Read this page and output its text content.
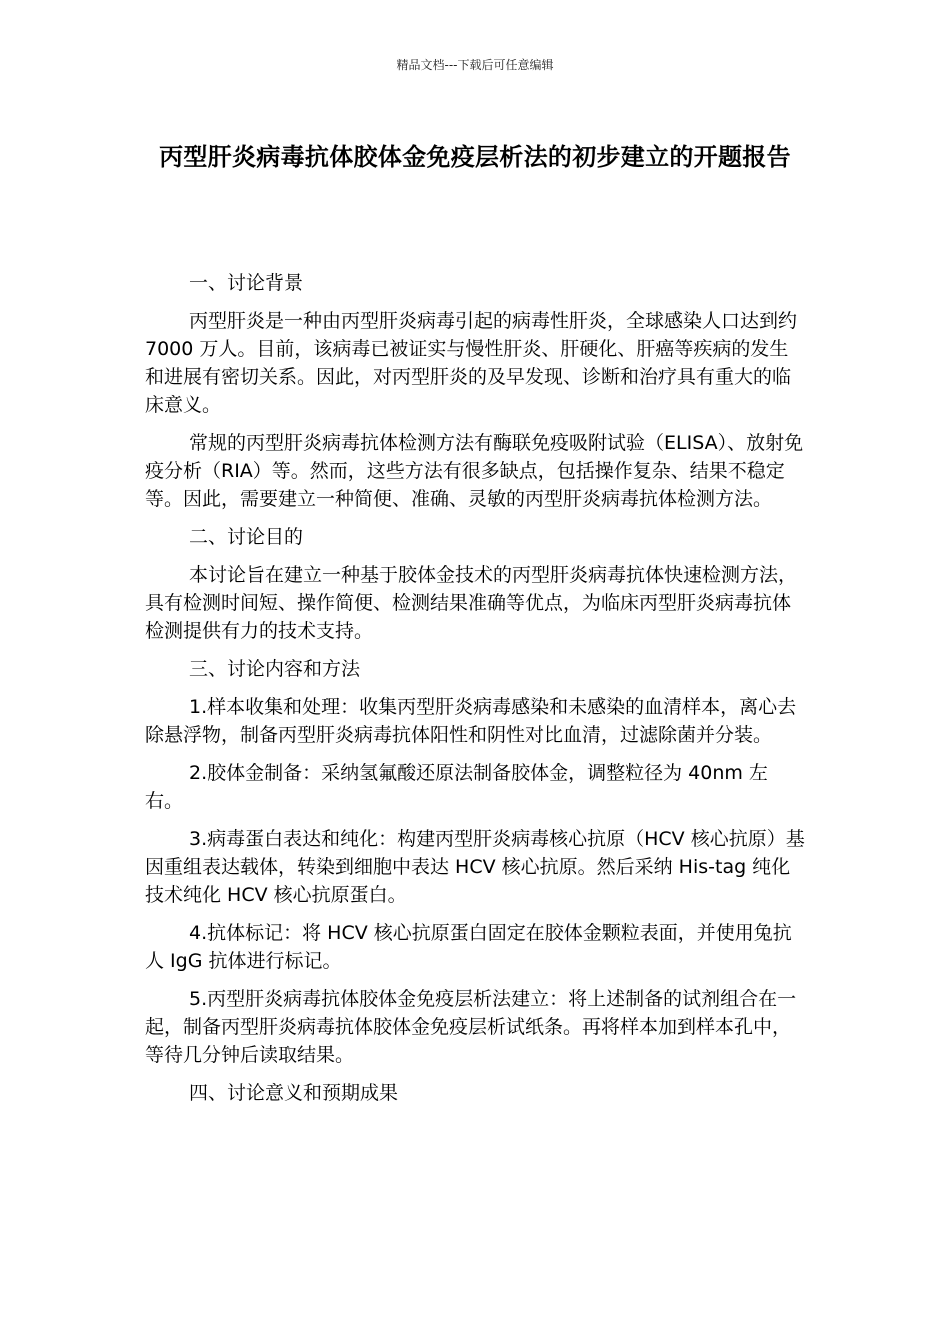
精品文档---下载后可任意编辑
丙型肝炎病毒抗体胶体金免疫层析法的初步建立的开题报告

一、讨论背景

丙型肝炎是一种由丙型肝炎病毒引起的病毒性肝炎，全球感染人口达到约 7000 万人。目前，该病毒已被证实与慢性肝炎、肝硬化、肝癌等疾病的发生和进展有密切关系。因此，对丙型肝炎的及早发现、诊断和治疗具有重大的临床意义。

常规的丙型肝炎病毒抗体检测方法有酶联免疫吸附试验（ELISA）、放射免疫分析（RIA）等。然而，这些方法有很多缺点，包括操作复杂、结果不稳定等。因此，需要建立一种简便、准确、灵敏的丙型肝炎病毒抗体检测方法。

二、讨论目的

本讨论旨在建立一种基于胶体金技术的丙型肝炎病毒抗体快速检测方法，具有检测时间短、操作简便、检测结果准确等优点，为临床丙型肝炎病毒抗体检测提供有力的技术支持。

三、讨论内容和方法

1.样本收集和处理：收集丙型肝炎病毒感染和未感染的血清样本，离心去除悬浮物，制备丙型肝炎病毒抗体阳性和阴性对比血清，过滤除菌并分装。

2.胶体金制备：采纳氢氟酸还原法制备胶体金，调整粒径为 40nm 左右。

3.病毒蛋白表达和纯化：构建丙型肝炎病毒核心抗原（HCV 核心抗原）基因重组表达载体，转染到细胞中表达 HCV 核心抗原。然后采纳 His-tag 纯化技术纯化 HCV 核心抗原蛋白。

4.抗体标记：将 HCV 核心抗原蛋白固定在胶体金颗粒表面，并使用兔抗人 IgG 抗体进行标记。

5.丙型肝炎病毒抗体胶体金免疫层析法建立：将上述制备的试剂组合在一起，制备丙型肝炎病毒抗体胶体金免疫层析试纸条。再将样本加到样本孔中，等待几分钟后读取结果。

四、讨论意义和预期成果
